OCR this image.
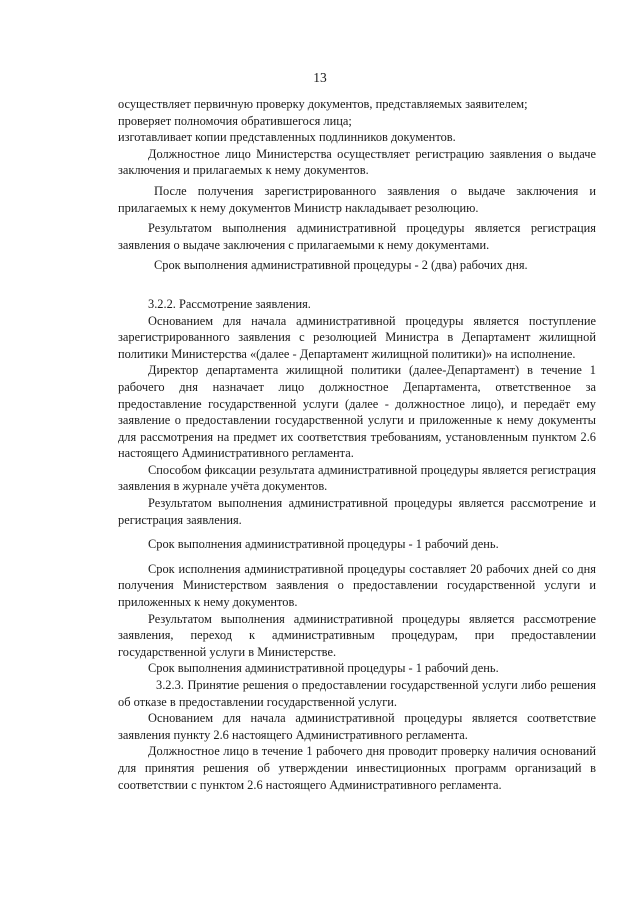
13

осуществляет первичную проверку документов, представляемых заявителем;

проверяет полномочия обратившегося лица;

изготавливает копии представленных подлинников документов.

Должностное лицо Министерства осуществляет регистрацию заявления о выдаче заключения и прилагаемых к нему документов.

После получения зарегистрированного заявления о выдаче заключения и прилагаемых к нему документов Министр накладывает резолюцию.

Результатом выполнения административной процедуры является регистрация заявления о выдаче заключения с прилагаемыми к нему документами.

Срок выполнения административной процедуры - 2 (два) рабочих дня.

3.2.2. Рассмотрение заявления.

Основанием для начала административной процедуры является поступление зарегистрированного заявления с резолюцией Министра в Департамент жилищной политики Министерства «(далее - Департамент жилищной политики)» на исполнение.

Директор департамента жилищной политики (далее-Департамент) в течение 1 рабочего дня назначает лицо должностное Департамента, ответственное за предоставление государственной услуги (далее - должностное лицо), и передаёт ему заявление о предоставлении государственной услуги и приложенные к нему документы для рассмотрения на предмет их соответствия требованиям, установленным пунктом 2.6 настоящего Административного регламента.

Способом фиксации результата административной процедуры является регистрация заявления в журнале учёта документов.

Результатом выполнения административной процедуры является рассмотрение и регистрация заявления.

Срок выполнения административной процедуры - 1 рабочий день.

Срок исполнения административной процедуры составляет 20 рабочих дней со дня получения Министерством заявления о предоставлении государственной услуги и приложенных к нему документов.

Результатом выполнения административной процедуры является рассмотрение заявления, переход к административным процедурам, при предоставлении государственной услуги в Министерстве.

Срок выполнения административной процедуры - 1 рабочий день.

3.2.3. Принятие решения о предоставлении государственной услуги либо решения об отказе в предоставлении государственной услуги.

Основанием для начала административной процедуры является соответствие заявления пункту 2.6 настоящего Административного регламента.

Должностное лицо в течение 1 рабочего дня проводит проверку наличия оснований для принятия решения об утверждении инвестиционных программ организаций в соответствии с пунктом 2.6 настоящего Административного регламента.
